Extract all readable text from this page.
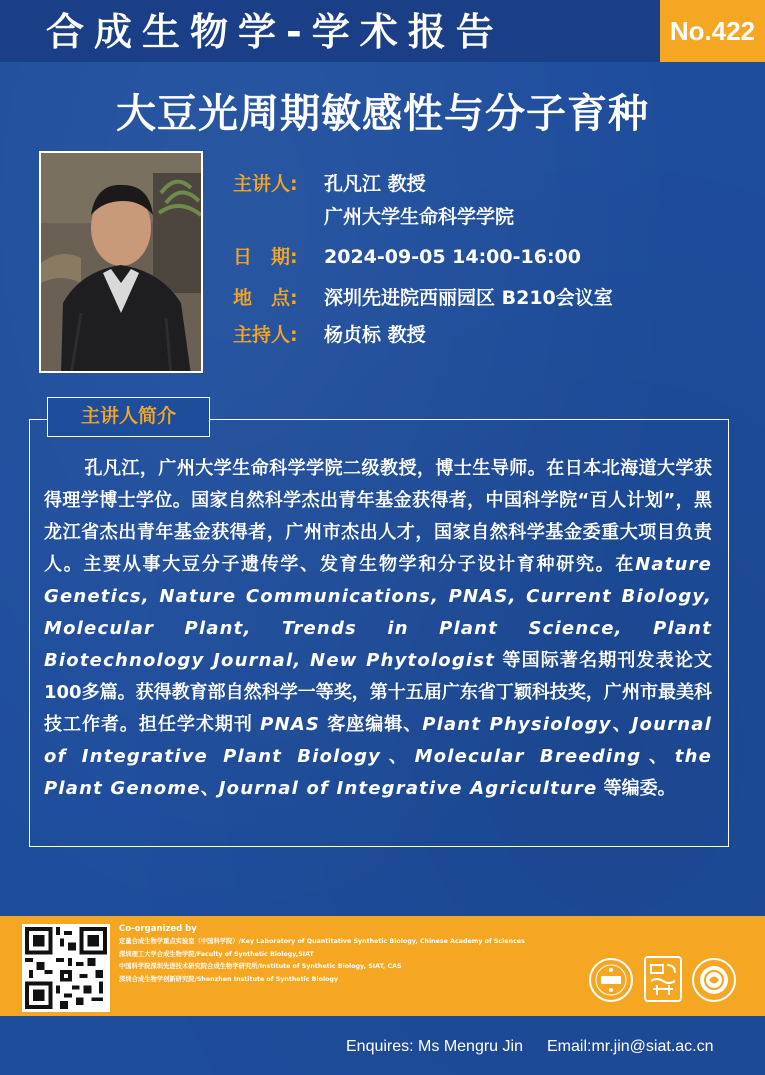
合成生物学-学术报告	No.422
大豆光周期敏感性与分子育种
主讲人: 孔凡江 教授
广州大学生命科学学院
日　期: 2024-09-05 14:00-16:00
地　点: 深圳先进院西丽园区 B210会议室
主持人: 杨贞标 教授
主讲人简介
孔凡江，广州大学生命科学学院二级教授，博士生导师。在日本北海道大学获得理学博士学位。国家自然科学杰出青年基金获得者，中国科学院“百人计划”，黑龙江省杰出青年基金获得者，广州市杰出人才，国家自然科学基金委重大项目负责人。主要从事大豆分子遗传学、发育生物学和分子设计育种研究。在Nature Genetics, Nature Communications, PNAS, Current Biology, Molecular Plant, Trends in Plant Science, Plant Biotechnology Journal, New Phytologist 等国际著名期刊发表论文100多篇。获得教育部自然科学一等奖，第十五届广东省丁颖科技奖，广州市最美科技工作者。担任学术期刊 PNAS 客座编辑、Plant Physiology、Journal of Integrative Plant Biology、Molecular Breeding、the Plant Genome、Journal of Integrative Agriculture 等编委。
Co-organized by
定量合成生物学重点实验室（中国科学院）/Key Laboratory of Quantitative Synthetic Biology, Chinese Academy of Sciences
深圳理工大学合成生物学院/Faculty of Synthetic Biology,SIAT
中国科学院深圳先进技术研究院合成生物学研究所/Institute of Synthetic Biology, SIAT, CAS
深圳合成生物学创新研究院/Shenzhen Institute of Synthetic Biology
Enquires: Ms Mengru Jin Email:mr.jin@siat.ac.cn
